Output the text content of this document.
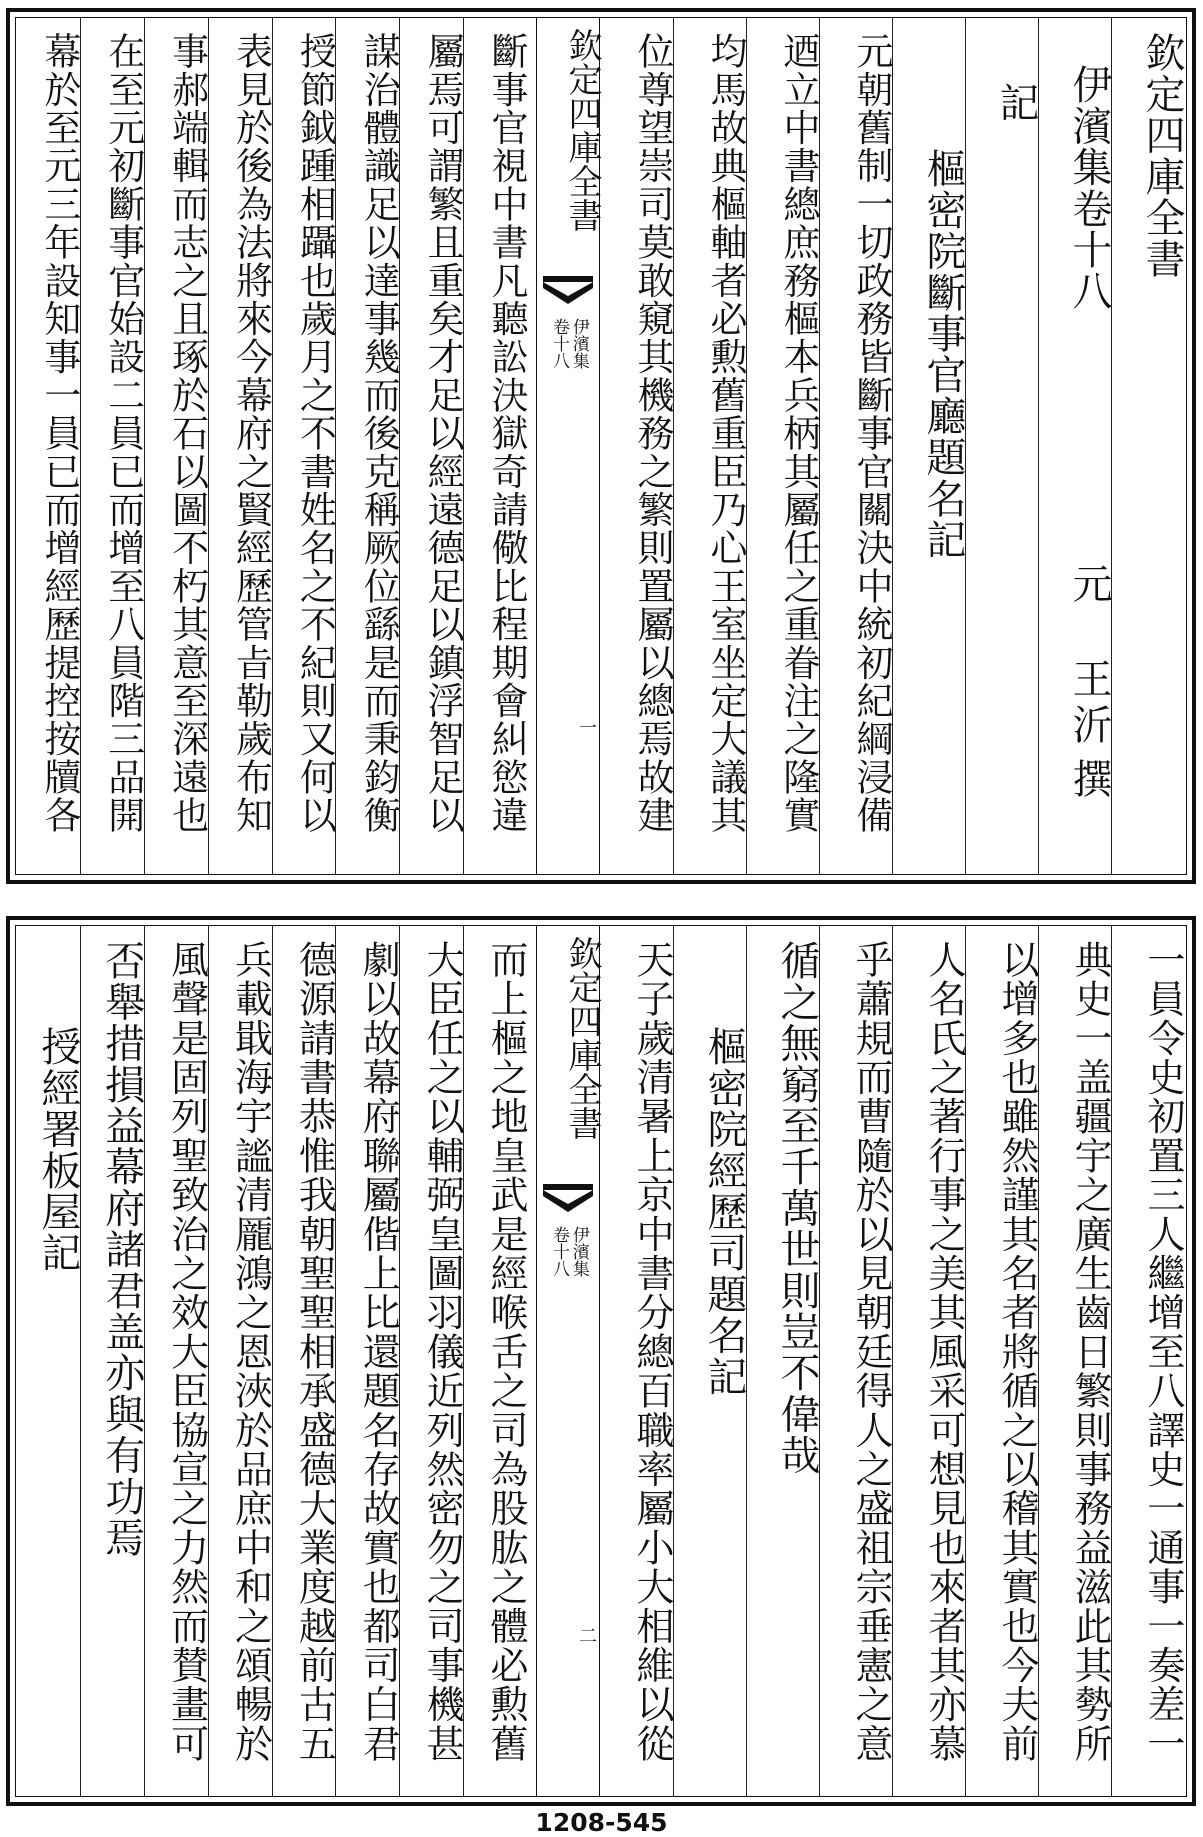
欽定四庫全書
伊濱集卷十八
記
樞密院斷事官廳題名記
元朝舊制一切政務皆斷事官關決中統初紀綱浸備
迺立中書總庶務樞本兵柄其屬任之重眷注之隆實
均馬故典樞軸者必勲舊重臣乃心王室坐定大議其
位尊望崇司莫敢窺其機務之繁則置屬以總焉故建	元
王沂
撰
欽定四庫全書
伊濱集
卷十八
一
斷事官視中書凡聽訟決獄奇請儆比程期會糾慾違
屬焉可謂繁且重矣才足以經遠德足以鎮浮智足以
謀治體識足以達事幾而後克稱厥位繇是而秉鈞衡
授節鉞踵相躡也歲月之不書姓名之不紀則又何以
表見於後為法將來今幕府之賢經歷管㫖勒歲布知
事郝端輯而志之且琢於石以圖不朽其意至深遠也
在至元初斷事官始設二員已而增至八員階三品開
幕於至元三年設知事一員已而增經歷提控按牘各
一員令史初置三人繼增至八譯史一通事一奏差一
典史一盖疆宇之廣生齒日繁則事務益滋此其勢所
以增多也雖然謹其名者將循之以稽其實也今夫前
人名氏之著行事之美其風采可想見也來者其亦慕
乎蕭規而曹隨於以見朝廷得人之盛祖宗垂憲之意
循之無窮至千萬世則豈不偉哉
樞密院經歷司題名記
天子歲清暑上京中書分總百職率屬小大相維以從
欽定四庫全書
伊濱集
卷十八
二
而上樞之地皇武是經喉舌之司為股肱之體必勲舊
大臣任之以輔弼皇圖羽儀近列然密勿之司事機甚
劇以故幕府聯屬偕上比還題名存故實也都司白君
德源請書恭惟我朝聖聖相承盛德大業度越前古五
兵載戢海宇謐清龎鴻之恩浹於品庶中和之頌暢於
風聲是固列聖致治之效大臣協宣之力然而賛畫可
否舉措損益幕府諸君盖亦與有功焉
授經署板屋記
1208-545
